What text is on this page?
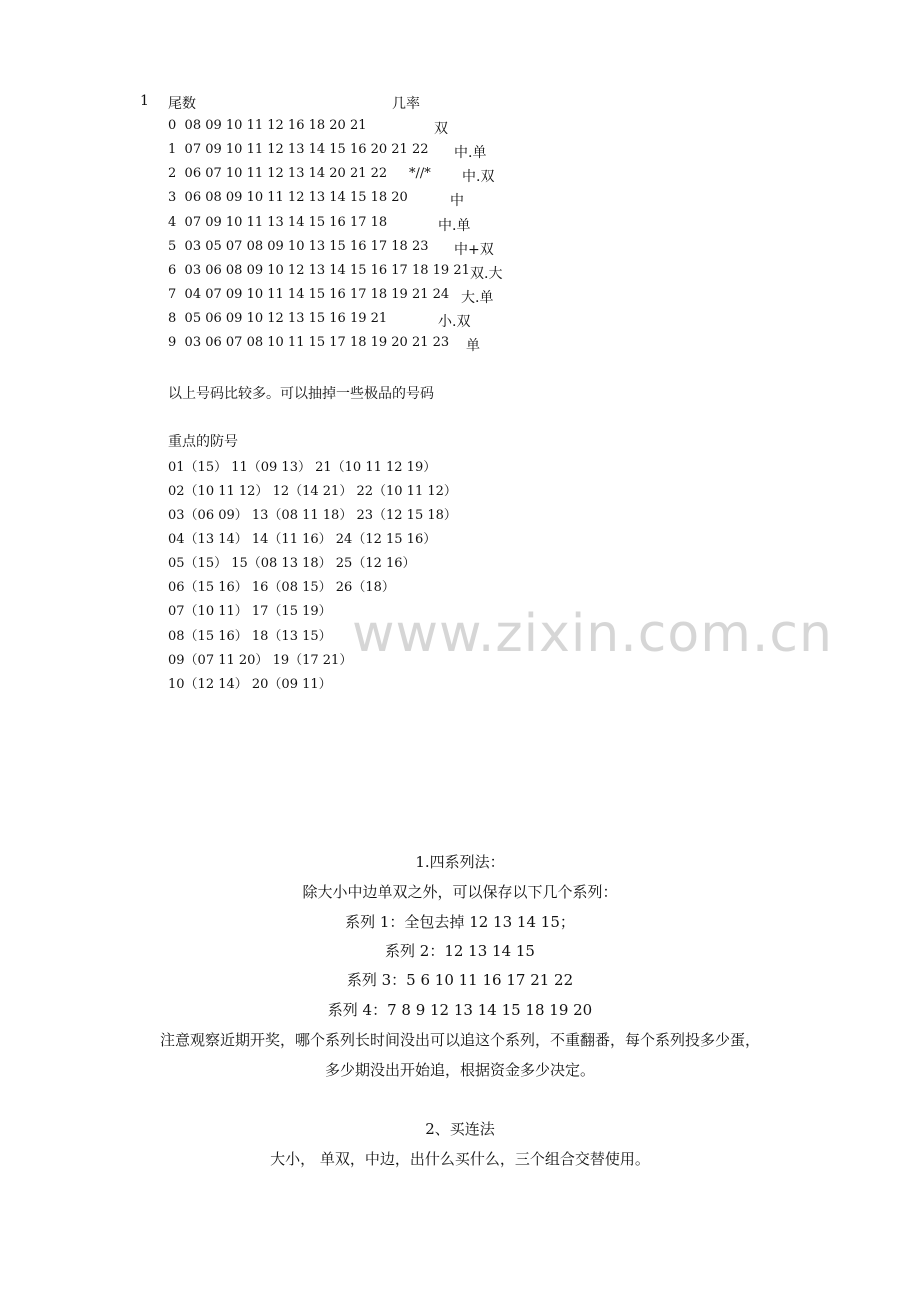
1 尾数	几率
0 08 09 10 11 12 16 18 20 21	双
1 07 09 10 11 12 13 14 15 16 20 21 22 中.单
2 06 07 10 11 12 13 14 20 21 22 *//* 中.双
3 06 08 09 10 11 12 13 14 15 18 20	中
4 07 09 10 11 13 14 15 16 17 18	中.单
5 03 05 07 08 09 10 13 15 16 17 18 23 中+双
6 03 06 08 09 10 12 13 14 15 16 17 18 19 21 双.大
7 04 07 09 10 11 14 15 16 17 18 19 21 24 大.单
8 05 06 09 10 12 13 15 16 19 21	小.双
9 03 06 07 08 10 11 15 17 18 19 20 21 23 单
以上号码比较多。可以抽掉一些极品的号码
重点的防号
01（15） 11（09 13） 21（10 11 12 19）
02（10 11 12） 12（14 21） 22（10 11 12）
03（06 09） 13（08 11 18） 23（12 15 18）
04（13 14） 14（11 16） 24（12 15 16）
05（15） 15（08 13 18） 25（12 16）
06（15 16） 16（08 15） 26（18）
07（10 11） 17（15 19）
08（15 16） 18（13 15）
09（07 11 20） 19（17 21）
10（12 14） 20（09 11）
www.zixin.com.cn
1.四系列法：
除大小中边单双之外，可以保存以下几个系列：
系列 1：全包去掉 12 13 14 15；
系列 2：12 13 14 15
系列 3：5 6 10 11 16 17 21 22
系列 4：7 8 9 12 13 14 15 18 19 20
注意观察近期开奖，哪个系列长时间没出可以追这个系列，不重翻番，每个系列投多少蛋，
多少期没出开始追，根据资金多少决定。
2、买连法
大小， 单双，中边，出什么买什么，三个组合交替使用。
